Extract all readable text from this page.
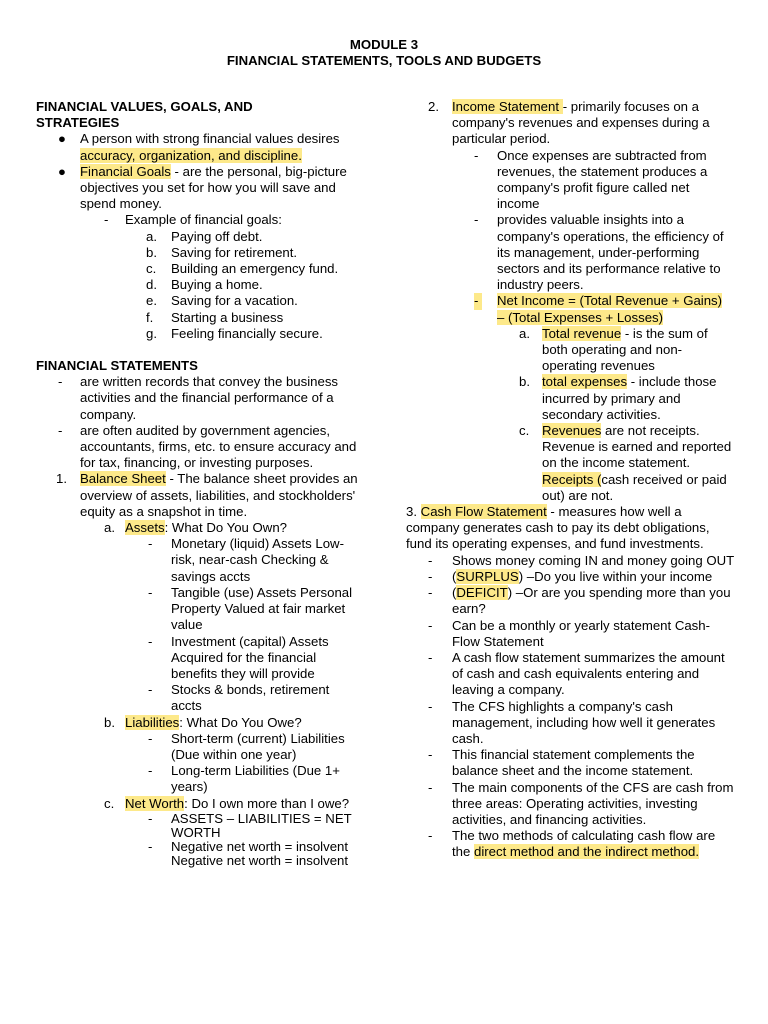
MODULE 3
FINANCIAL STATEMENTS, TOOLS AND BUDGETS

FINANCIAL VALUES, GOALS, AND STRATEGIES

● A person with strong financial values desires accuracy, organization, and discipline.
● Financial Goals - are the personal, big-picture objectives you set for how you will save and spend money.
- Example of financial goals:
a. Paying off debt.
b. Saving for retirement.
c. Building an emergency fund.
d. Buying a home.
e. Saving for a vacation.
f. Starting a business
g. Feeling financially secure.

FINANCIAL STATEMENTS

- are written records that convey the business activities and the financial performance of a company.
- are often audited by government agencies, accountants, firms, etc. to ensure accuracy and for tax, financing, or investing purposes.
1. Balance Sheet - The balance sheet provides an overview of assets, liabilities, and stockholders' equity as a snapshot in time.
a. Assets: What Do You Own?
- Monetary (liquid) Assets Low-risk, near-cash Checking & savings accts
- Tangible (use) Assets Personal Property Valued at fair market value
- Investment (capital) Assets Acquired for the financial benefits they will provide
- Stocks & bonds, retirement accts
b. Liabilities: What Do You Owe?
- Short-term (current) Liabilities (Due within one year)
- Long-term Liabilities (Due 1+ years)
c. Net Worth: Do I own more than I owe?
- ASSETS – LIABILITIES = NET WORTH
- Negative net worth = insolvent Negative net worth = insolvent
2. Income Statement - primarily focuses on a company's revenues and expenses during a particular period.
- Once expenses are subtracted from revenues, the statement produces a company's profit figure called net income
- provides valuable insights into a company's operations, the efficiency of its management, under-performing sectors and its performance relative to industry peers.
-	Net Income = (Total Revenue + Gains) – (Total Expenses + Losses)
a. Total revenue - is the sum of both operating and non-operating revenues
b. total expenses - include those incurred by primary and secondary activities.
c. Revenues are not receipts. Revenue is earned and reported on the income statement. Receipts (cash received or paid out) are not.
3. Cash Flow Statement - measures how well a company generates cash to pay its debt obligations, fund its operating expenses, and fund investments.
- Shows money coming IN and money going OUT
- (SURPLUS) –Do you live within your income
- (DEFICIT) –Or are you spending more than you earn?
- Can be a monthly or yearly statement Cash-Flow Statement
- A cash flow statement summarizes the amount of cash and cash equivalents entering and leaving a company.
- The CFS highlights a company's cash management, including how well it generates cash.
- This financial statement complements the balance sheet and the income statement.
- The main components of the CFS are cash from three areas: Operating activities, investing activities, and financing activities.
- The two methods of calculating cash flow are the direct method and the indirect method.
